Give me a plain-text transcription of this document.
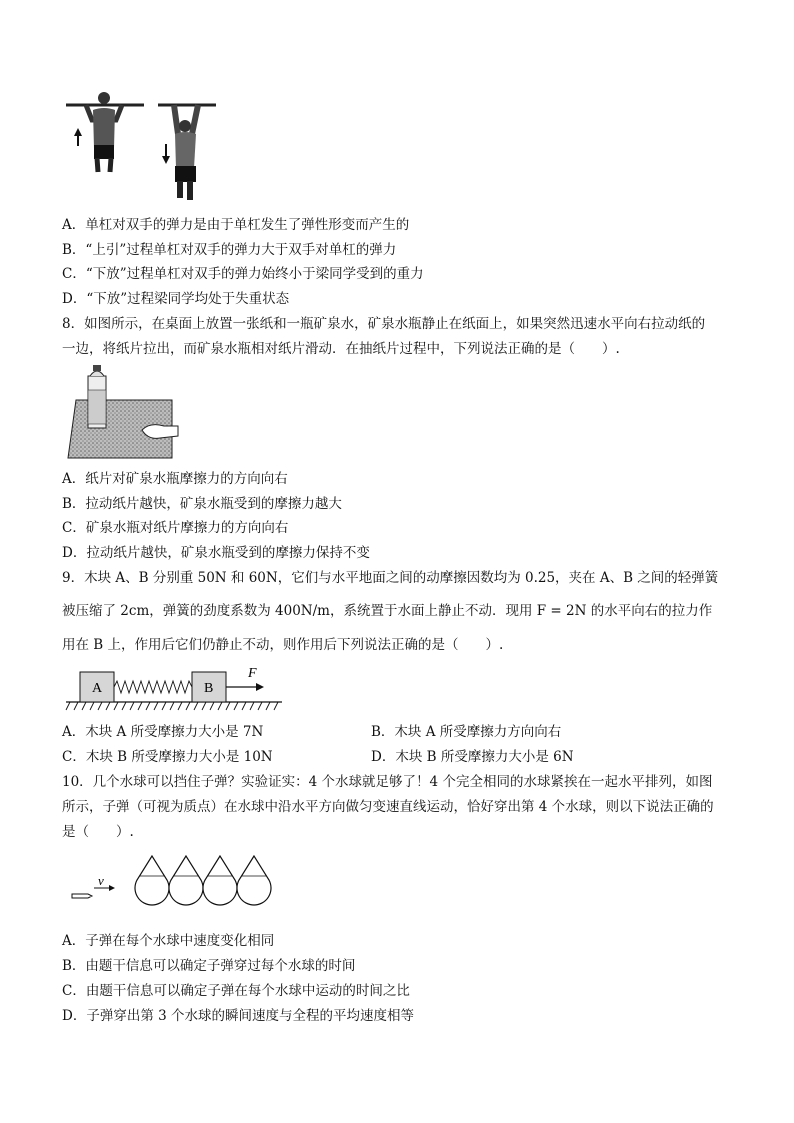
A．单杠对双手的弹力是由于单杠发生了弹性形变而产生的
B．“上引”过程单杠对双手的弹力大于双手对单杠的弹力
C．“下放”过程单杠对双手的弹力始终小于梁同学受到的重力
D．“下放”过程梁同学均处于失重状态
8．如图所示，在桌面上放置一张纸和一瓶矿泉水，矿泉水瓶静止在纸面上，如果突然迅速水平向右拉动纸的
一边，将纸片拉出，而矿泉水瓶相对纸片滑动．在抽纸片过程中，下列说法正确的是（　　）.
A．纸片对矿泉水瓶摩擦力的方向向右
B．拉动纸片越快，矿泉水瓶受到的摩擦力越大
C．矿泉水瓶对纸片摩擦力的方向向右
D．拉动纸片越快，矿泉水瓶受到的摩擦力保持不变
9．木块 A、B 分别重 50N 和 60N，它们与水平地面之间的动摩擦因数均为 0.25，夹在 A、B 之间的轻弹簧
被压缩了 2cm，弹簧的劲度系数为 400N/m，系统置于水面上静止不动．现用 F = 2N 的水平向右的拉力作
用在 B 上，作用后它们仍静止不动，则作用后下列说法正确的是（　　）.
A	B
F
A．木块 A 所受摩擦力大小是 7N	B．木块 A 所受摩擦力方向向右
C．木块 B 所受摩擦力大小是 10N	D．木块 B 所受摩擦力大小是 6N
10．几个水球可以挡住子弹？实验证实：4 个水球就足够了！4 个完全相同的水球紧挨在一起水平排列，如图
所示，子弹（可视为质点）在水球中沿水平方向做匀变速直线运动，恰好穿出第 4 个水球，则以下说法正确的
是（　　）.
v
A．子弹在每个水球中速度变化相同
B．由题干信息可以确定子弹穿过每个水球的时间
C．由题干信息可以确定子弹在每个水球中运动的时间之比
D．子弹穿出第 3 个水球的瞬间速度与全程的平均速度相等
